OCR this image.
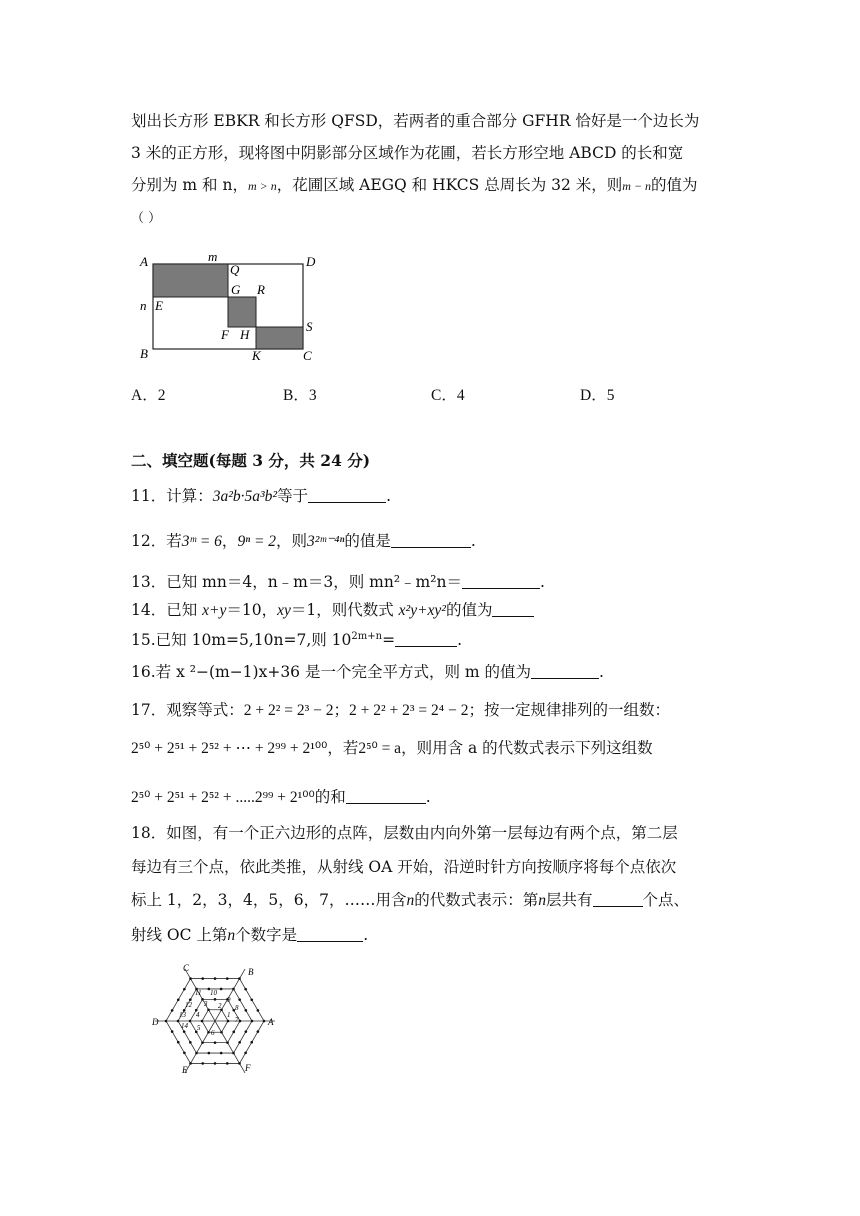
划出长方形 EBKR 和长方形 QFSD，若两者的重合部分 GFHR 恰好是一个边长为
3 米的正方形，现将图中阴影部分区域作为花圃，若长方形空地 ABCD 的长和宽
分别为 m 和 n，m > n，花圃区域 AEGQ 和 HKCS 总周长为 32 米，则m − n的值为
（ ）
A	m
Q
D
G R
n E
S
F H
B	K	C
A．2	B．3	C．4	D．5
二、填空题(每题 3 分，共 24 分)
11．计算：3a²b·5a³b²等于	.
12．若3ᵐ = 6，9ⁿ = 2，则3²ᵐ⁻⁴ⁿ的值是	.
13．已知 mn＝4，n﹣m＝3，则 mn²﹣m²n＝	.
14．已知 x+y＝10，xy＝1，则代数式 x²y+xy²的值为
15.已知 10m=5,10n=7,则 $10^{2m+n}=$	.
16.若 x ²−(m−1)x+36 是一个完全平方式，则 m 的值为	.
17．观察等式：2 + 2² = 2³ − 2；2 + 2² + 2³ = 2⁴ − 2；按一定规律排列的一组数：
2⁵⁰ + 2⁵¹ + 2⁵² + ⋯ + 2⁹⁹ + 2¹⁰⁰，若2⁵⁰ = a，则用含 a 的代数式表示下列这组数
2⁵⁰ + 2⁵¹ + 2⁵² + .....2⁹⁹ + 2¹⁰⁰的和	.
18．如图，有一个正六边形的点阵，层数由内向外第一层每边有两个点，第二层
每边有三个点，依此类推，从射线 OA 开始，沿逆时针方向按顺序将每个点依次
标上 1，2，3，4，5，6，7，……用含n的代数式表示：第n层共有	个点、
射线 OC 上第n个数字是	.
A
B
C
D
E	F
1
2
3
4
5
6
7
8
9
10
11
12
13
14
